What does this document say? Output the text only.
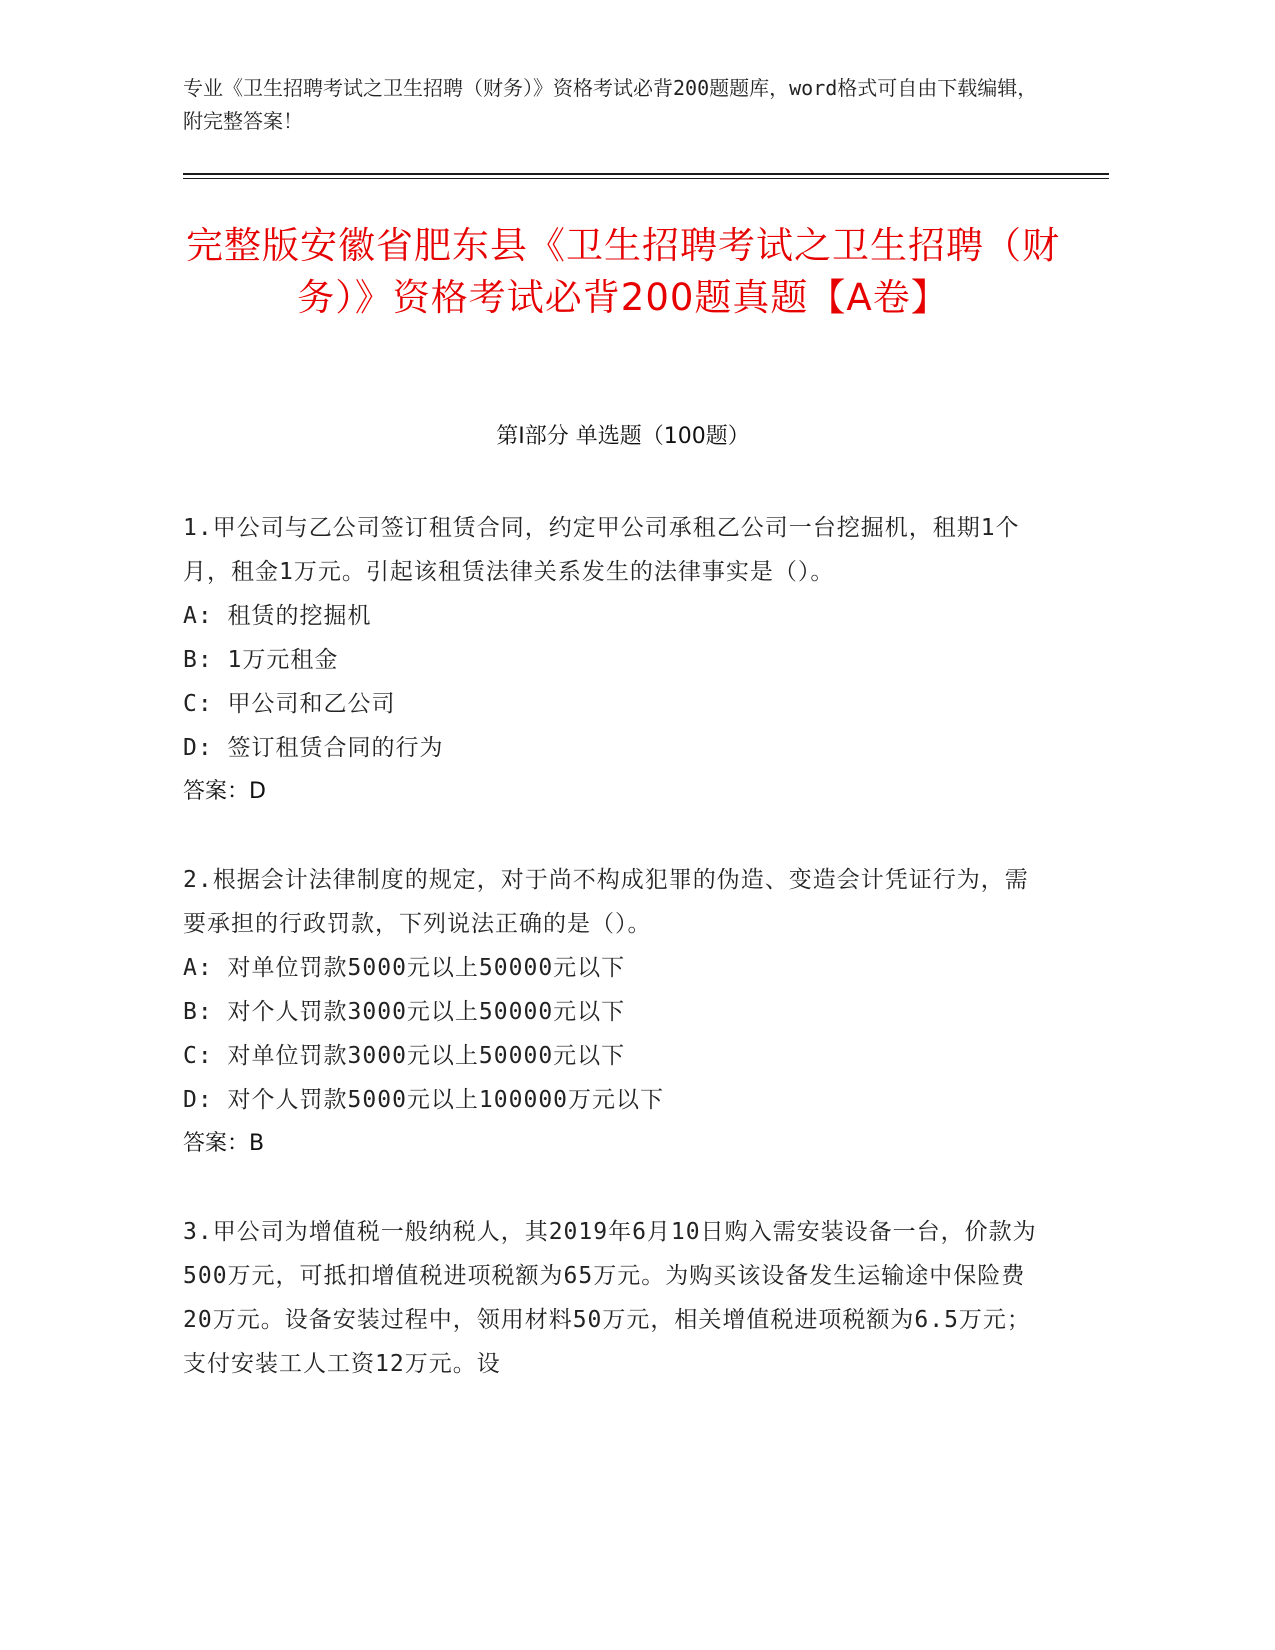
专业《卫生招聘考试之卫生招聘（财务）》资格考试必背200题题库，word格式可自由下载编辑，附完整答案！
完整版安徽省肥东县《卫生招聘考试之卫生招聘（财务）》资格考试必背200题真题【A卷】
第Ⅰ部分 单选题（100题）

1.甲公司与乙公司签订租赁合同，约定甲公司承租乙公司一台挖掘机，租期1个月，租金1万元。引起该租赁法律关系发生的法律事实是（）。

A: 租赁的挖掘机

B: 1万元租金

C: 甲公司和乙公司

D: 签订租赁合同的行为

答案：D

2.根据会计法律制度的规定，对于尚不构成犯罪的伪造、变造会计凭证行为，需要承担的行政罚款，下列说法正确的是（）。

A: 对单位罚款5000元以上50000元以下

B: 对个人罚款3000元以上50000元以下

C: 对单位罚款3000元以上50000元以下

D: 对个人罚款5000元以上100000万元以下

答案：B

3.甲公司为增值税一般纳税人，其2019年6月10日购入需安装设备一台，价款为500万元，可抵扣增值税进项税额为65万元。为购买该设备发生运输途中保险费20万元。设备安装过程中，领用材料50万元，相关增值税进项税额为6.5万元；支付安装工人工资12万元。设
